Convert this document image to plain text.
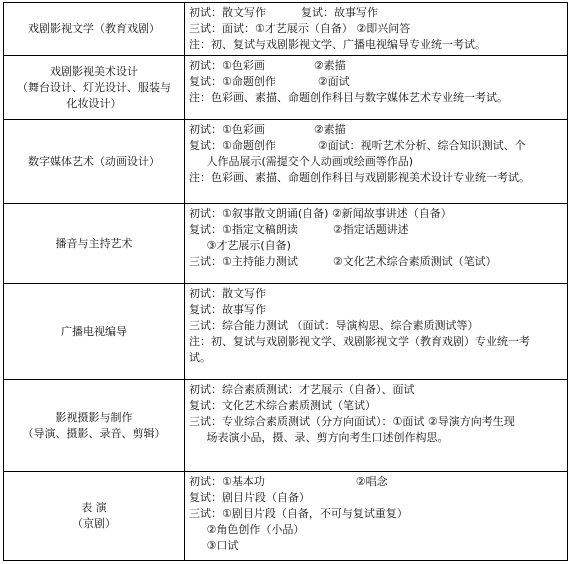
戏剧影视文学（教育戏剧）	初试：散文写作          复试：故事写作
三试：面试：①才艺展示（自备） ②即兴问答
注：初、复试与戏剧影视文学、广播电视编导专业统一考试。

戏剧影视美术设计
（舞台设计、灯光设计、服装与
化妆设计）	初试：①色彩画              ②素描
复试：①命题创作            ②面试
注：色彩画、素描、命题创作科目与数字媒体艺术专业统一考试。

数字媒体艺术（动画设计）	初试：①色彩画              ②素描
复试：①命题创作            ②面试：视听艺术分析、综合知识测试、个
人作品展示(需提交个人动画或绘画等作品)
注：色彩画、素描、命题创作科目与戏剧影视美术设计专业统一考试。

播音与主持艺术	初试：①叙事散文朗诵(自备) ②新闻故事讲述（自备）
复试：①指定文稿朗读          ②指定话题讲述
③才艺展示(自备)
三试：①主持能力测试          ②文化艺术综合素质测试（笔试）

广播电视编导	初试：散文写作
复试：故事写作
三试：综合能力测试 （面试：导演构思、综合素质测试等）
注：初、复试与戏剧影视文学、戏剧影视文学（教育戏剧）专业统一考
试。

影视摄影与制作
（导演、摄影、录音、剪辑）	初试：综合素质测试：才艺展示（自备）、面试
复试：文化艺术综合素质测试（笔试）
三试：专业综合素质测试（分方向面试）：①面试 ②导演方向考生现
场表演小品，摄、录、剪方向考生口述创作构思。

表 演
（京剧）	初试：①基本功                          ②唱念
复试：剧目片段（自备）
三试：①剧目片段（自备，不可与复试重复）
②角色创作（小品）
③口试
